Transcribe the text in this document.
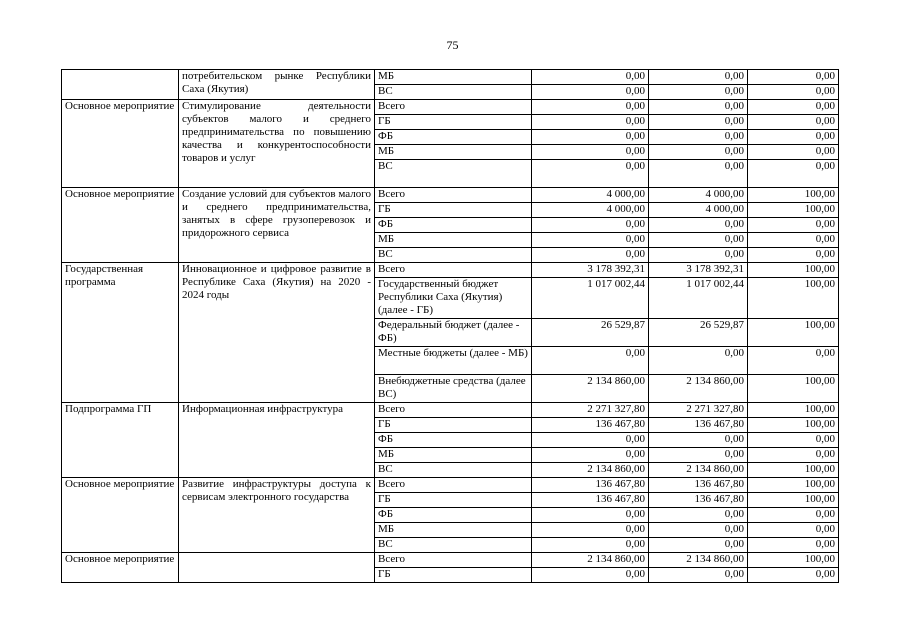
75
	потребительском рынке Республики Саха (Якутия)	МБ	0,00	0,00	0,00
		ВС	0,00	0,00	0,00
Основное мероприятие	Стимулирование деятельности субъектов малого и среднего предпринимательства по повышению качества и конкурентоспособности товаров и услуг	Всего	0,00	0,00	0,00
		ГБ	0,00	0,00	0,00
		ФБ	0,00	0,00	0,00
		МБ	0,00	0,00	0,00
		ВС	0,00	0,00	0,00
Основное мероприятие	Создание условий для субъектов малого и среднего предпринимательства, занятых в сфере грузоперевозок и придорожного сервиса	Всего	4 000,00	4 000,00	100,00
		ГБ	4 000,00	4 000,00	100,00
		ФБ	0,00	0,00	0,00
		МБ	0,00	0,00	0,00
		ВС	0,00	0,00	0,00
Государственная программа	Инновационное и цифровое развитие в Республике Саха (Якутия) на 2020 - 2024 годы	Всего	3 178 392,31	3 178 392,31	100,00
		Государственный бюджет Республики Саха (Якутия) (далее - ГБ)	1 017 002,44	1 017 002,44	100,00
		Федеральный бюджет (далее - ФБ)	26 529,87	26 529,87	100,00
		Местные бюджеты (далее - МБ)	0,00	0,00	0,00
		Внебюджетные средства (далее ВС)	2 134 860,00	2 134 860,00	100,00
Подпрограмма ГП	Информационная инфраструктура	Всего	2 271 327,80	2 271 327,80	100,00
		ГБ	136 467,80	136 467,80	100,00
		ФБ	0,00	0,00	0,00
		МБ	0,00	0,00	0,00
		ВС	2 134 860,00	2 134 860,00	100,00
Основное мероприятие	Развитие инфраструктуры доступа к сервисам электронного государства	Всего	136 467,80	136 467,80	100,00
		ГБ	136 467,80	136 467,80	100,00
		ФБ	0,00	0,00	0,00
		МБ	0,00	0,00	0,00
		ВС	0,00	0,00	0,00
Основное мероприятие		Всего	2 134 860,00	2 134 860,00	100,00
		ГБ	0,00	0,00	0,00
